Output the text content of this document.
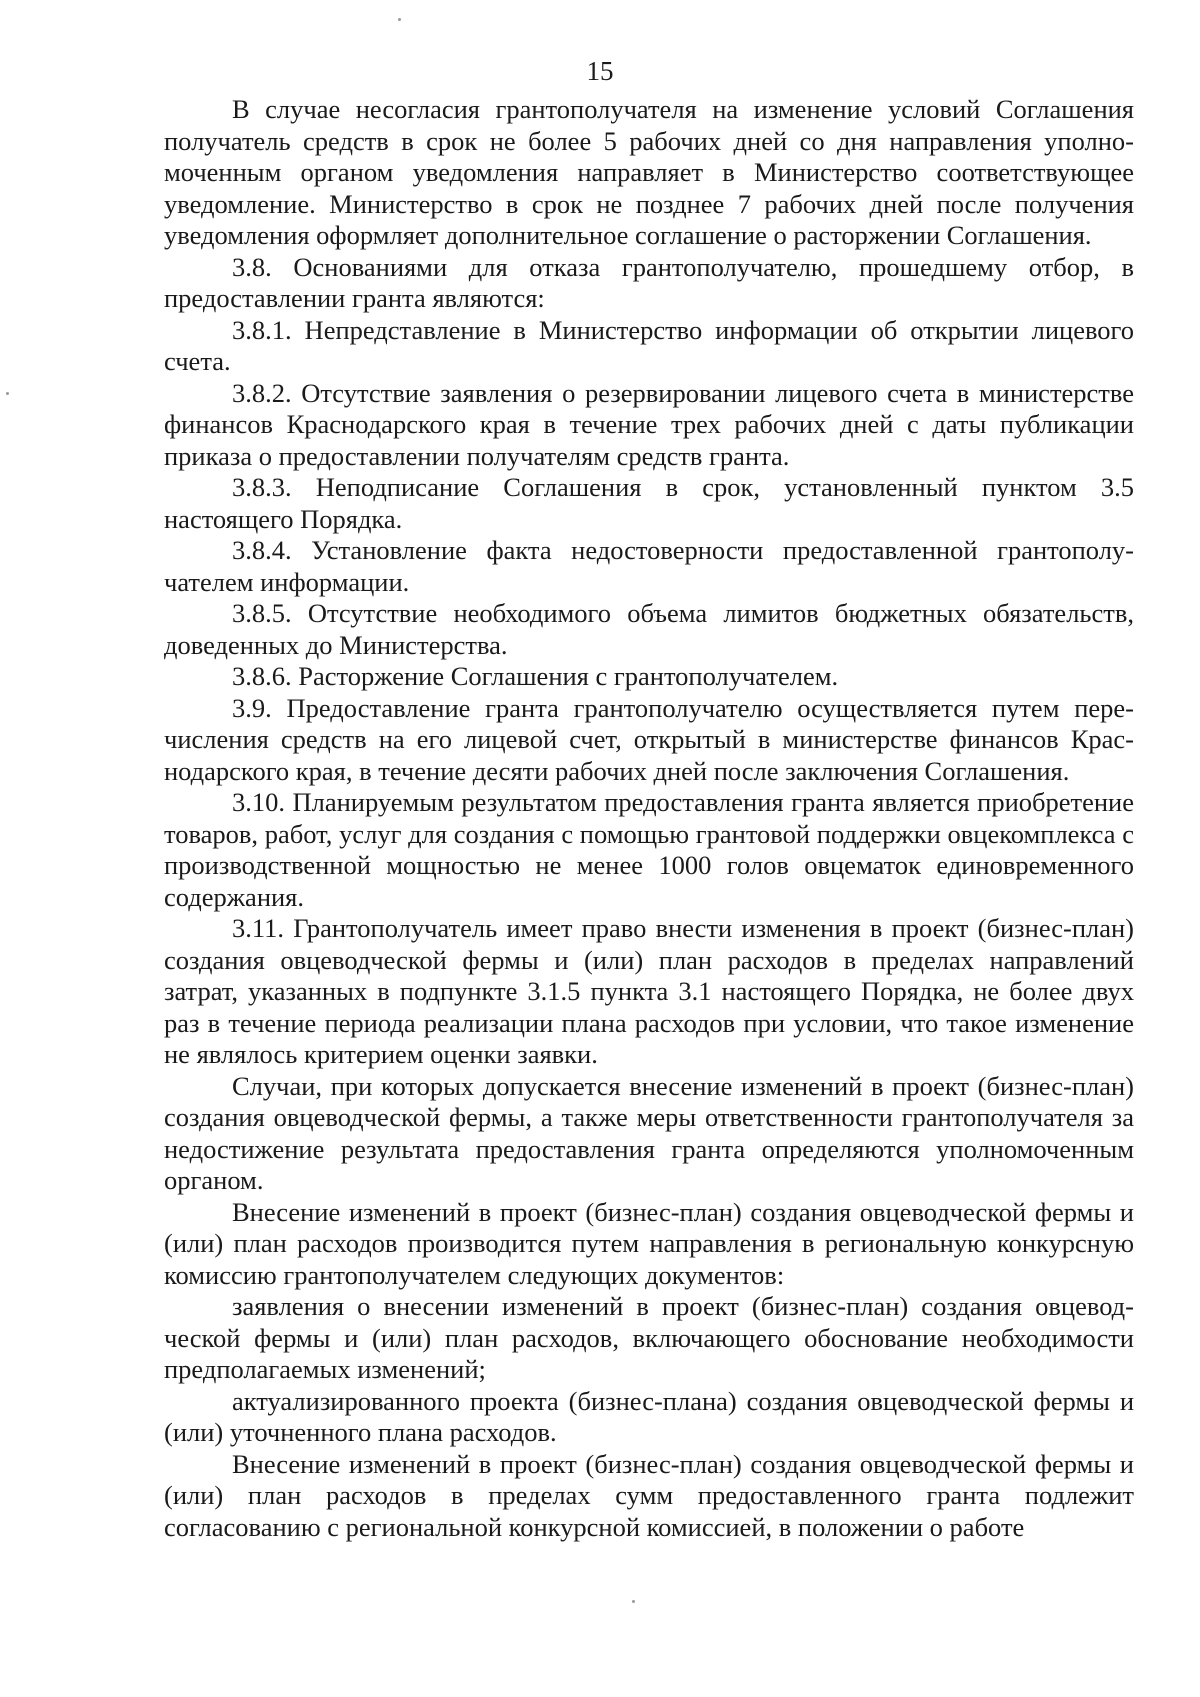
15

В случае несогласия грантополучателя на изменение условий Соглашения получатель средств в срок не более 5 рабочих дней со дня направления уполномоченным органом уведомления направляет в Министерство соответствующее уведомление. Министерство в срок не позднее 7 рабочих дней после получения уведомления оформляет дополнительное соглашение о расторжении Соглашения.

3.8. Основаниями для отказа грантополучателю, прошедшему отбор, в предоставлении гранта являются:

3.8.1. Непредставление в Министерство информации об открытии лицевого счета.

3.8.2. Отсутствие заявления о резервировании лицевого счета в министерстве финансов Краснодарского края в течение трех рабочих дней с даты публикации приказа о предоставлении получателям средств гранта.

3.8.3. Неподписание Соглашения в срок, установленный пунктом 3.5 настоящего Порядка.

3.8.4. Установление факта недостоверности предоставленной грантополучателем информации.

3.8.5. Отсутствие необходимого объема лимитов бюджетных обязательств, доведенных до Министерства.

3.8.6. Расторжение Соглашения с грантополучателем.

3.9. Предоставление гранта грантополучателю осуществляется путем перечисления средств на его лицевой счет, открытый в министерстве финансов Краснодарского края, в течение десяти рабочих дней после заключения Соглашения.

3.10. Планируемым результатом предоставления гранта является приобретение товаров, работ, услуг для создания с помощью грантовой поддержки овцекомплекса с производственной мощностью не менее 1000 голов овцематок единовременного содержания.

3.11. Грантополучатель имеет право внести изменения в проект (бизнес-план) создания овцеводческой фермы и (или) план расходов в пределах направлений затрат, указанных в подпункте 3.1.5 пункта 3.1 настоящего Порядка, не более двух раз в течение периода реализации плана расходов при условии, что такое изменение не являлось критерием оценки заявки.

Случаи, при которых допускается внесение изменений в проект (бизнес-план) создания овцеводческой фермы, а также меры ответственности грантополучателя за недостижение результата предоставления гранта определяются уполномоченным органом.

Внесение изменений в проект (бизнес-план) создания овцеводческой фермы и (или) план расходов производится путем направления в региональную конкурсную комиссию грантополучателем следующих документов:

заявления о внесении изменений в проект (бизнес-план) создания овцеводческой фермы и (или) план расходов, включающего обоснование необходимости предполагаемых изменений;

актуализированного проекта (бизнес-плана) создания овцеводческой фермы и (или) уточненного плана расходов.

Внесение изменений в проект (бизнес-план) создания овцеводческой фермы и (или) план расходов в пределах сумм предоставленного гранта подлежит согласованию с региональной конкурсной комиссией, в положении о работе
